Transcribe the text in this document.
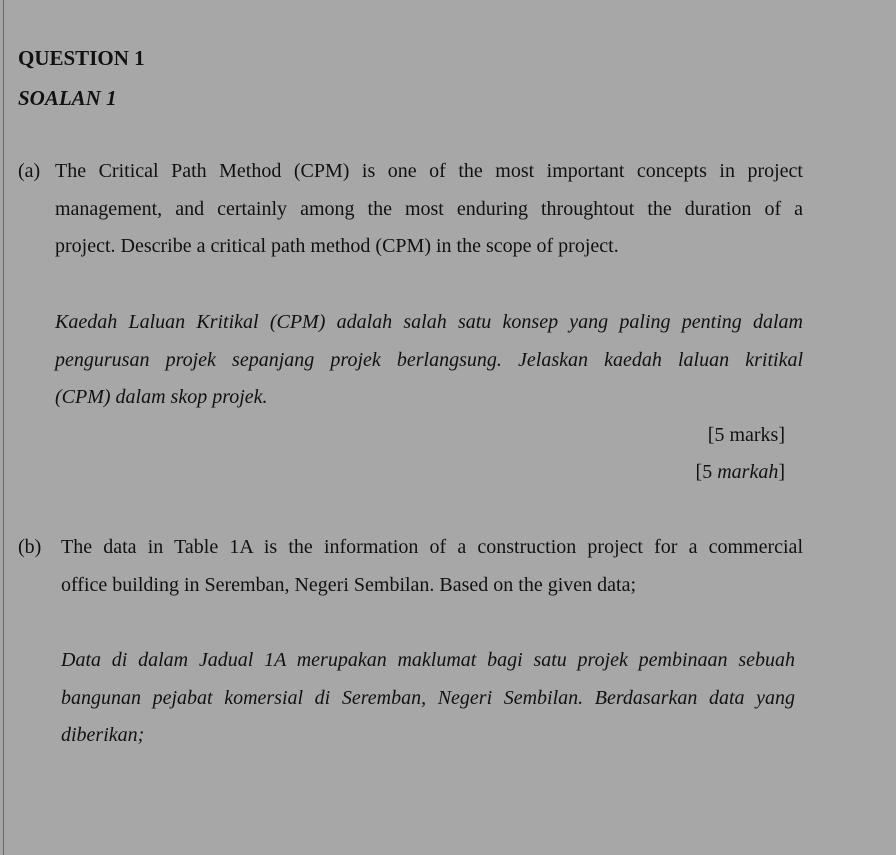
QUESTION 1
SOALAN 1
(a) The Critical Path Method (CPM) is one of the most important concepts in project
management, and certainly among the most enduring throughtout the duration of a
project. Describe a critical path method (CPM) in the scope of project.
Kaedah Laluan Kritikal (CPM) adalah salah satu konsep yang paling penting dalam
pengurusan projek sepanjang projek berlangsung. Jelaskan kaedah laluan kritikal
(CPM) dalam skop projek.
[5 marks]
[5 markah]
(b) The data in Table 1A is the information of a construction project for a commercial
office building in Seremban, Negeri Sembilan. Based on the given data;
Data di dalam Jadual 1A merupakan maklumat bagi satu projek pembinaan sebuah
bangunan pejabat komersial di Seremban, Negeri Sembilan. Berdasarkan data yang
diberikan;
